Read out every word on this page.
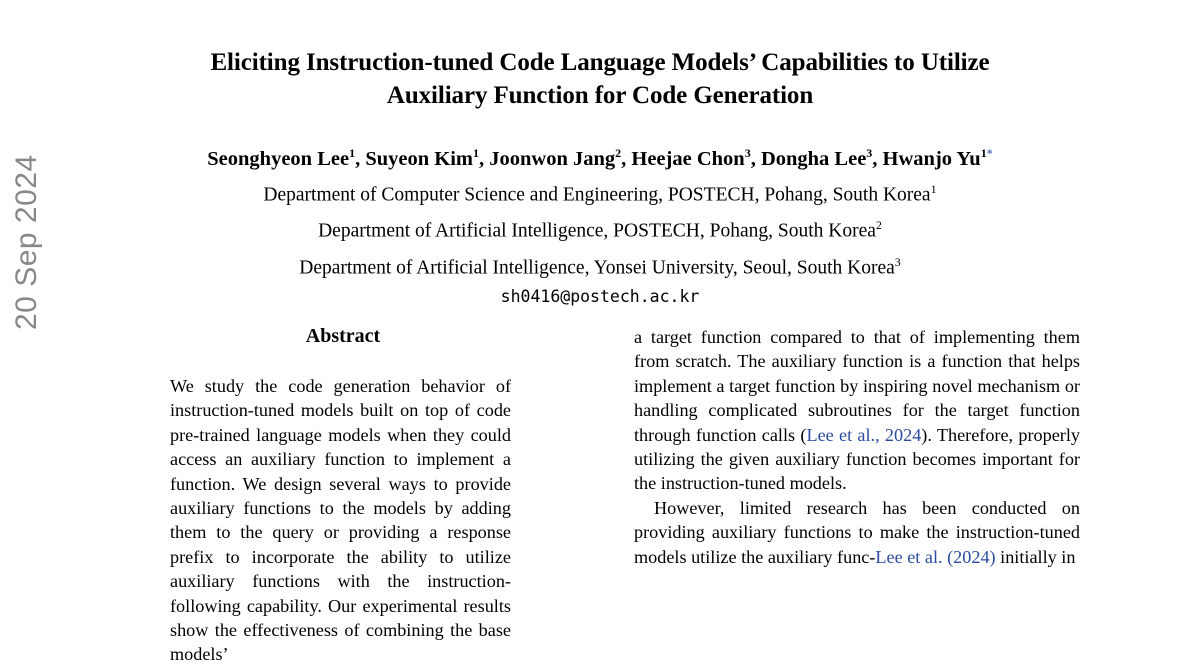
20 Sep 2024
Eliciting Instruction-tuned Code Language Models’ Capabilities to Utilize
Auxiliary Function for Code Generation
Seonghyeon Lee$^1$, Suyeon Kim$^1$, Joonwon Jang$^2$, Heejae Chon$^3$, Dongha Lee$^3$, Hwanjo $Yu^{1*}$
Department of Computer Science and Engineering, POSTECH, Pohang, South Korea$^1$
Department of Artificial Intelligence, POSTECH, Pohang, South Korea$^2$
Department of Artificial Intelligence, Yonsei University, Seoul, South Korea$^3$
sh0416@postech.ac.kr
Abstract

We study the code generation behavior of instruction-tuned models built on top of code pre-trained language models when they could access an auxiliary function to implement a function. We design several ways to provide auxiliary functions to the models by adding them to the query or providing a response prefix to incorporate the ability to utilize auxiliary functions with the instruction-following capability. Our experimental results show the effectiveness of combining the base models’

a target function compared to that of implementing them from scratch. The auxiliary function is a function that helps implement a target function by inspiring novel mechanism or handling complicated subroutines for the target function through function calls (Lee et al., 2024). Therefore, properly utilizing the given auxiliary function becomes important for the instruction-tuned models.

However, limited research has been conducted on providing auxiliary functions to make the instruction-tuned models utilize the auxiliary func-Lee et al. (2024) initially in
